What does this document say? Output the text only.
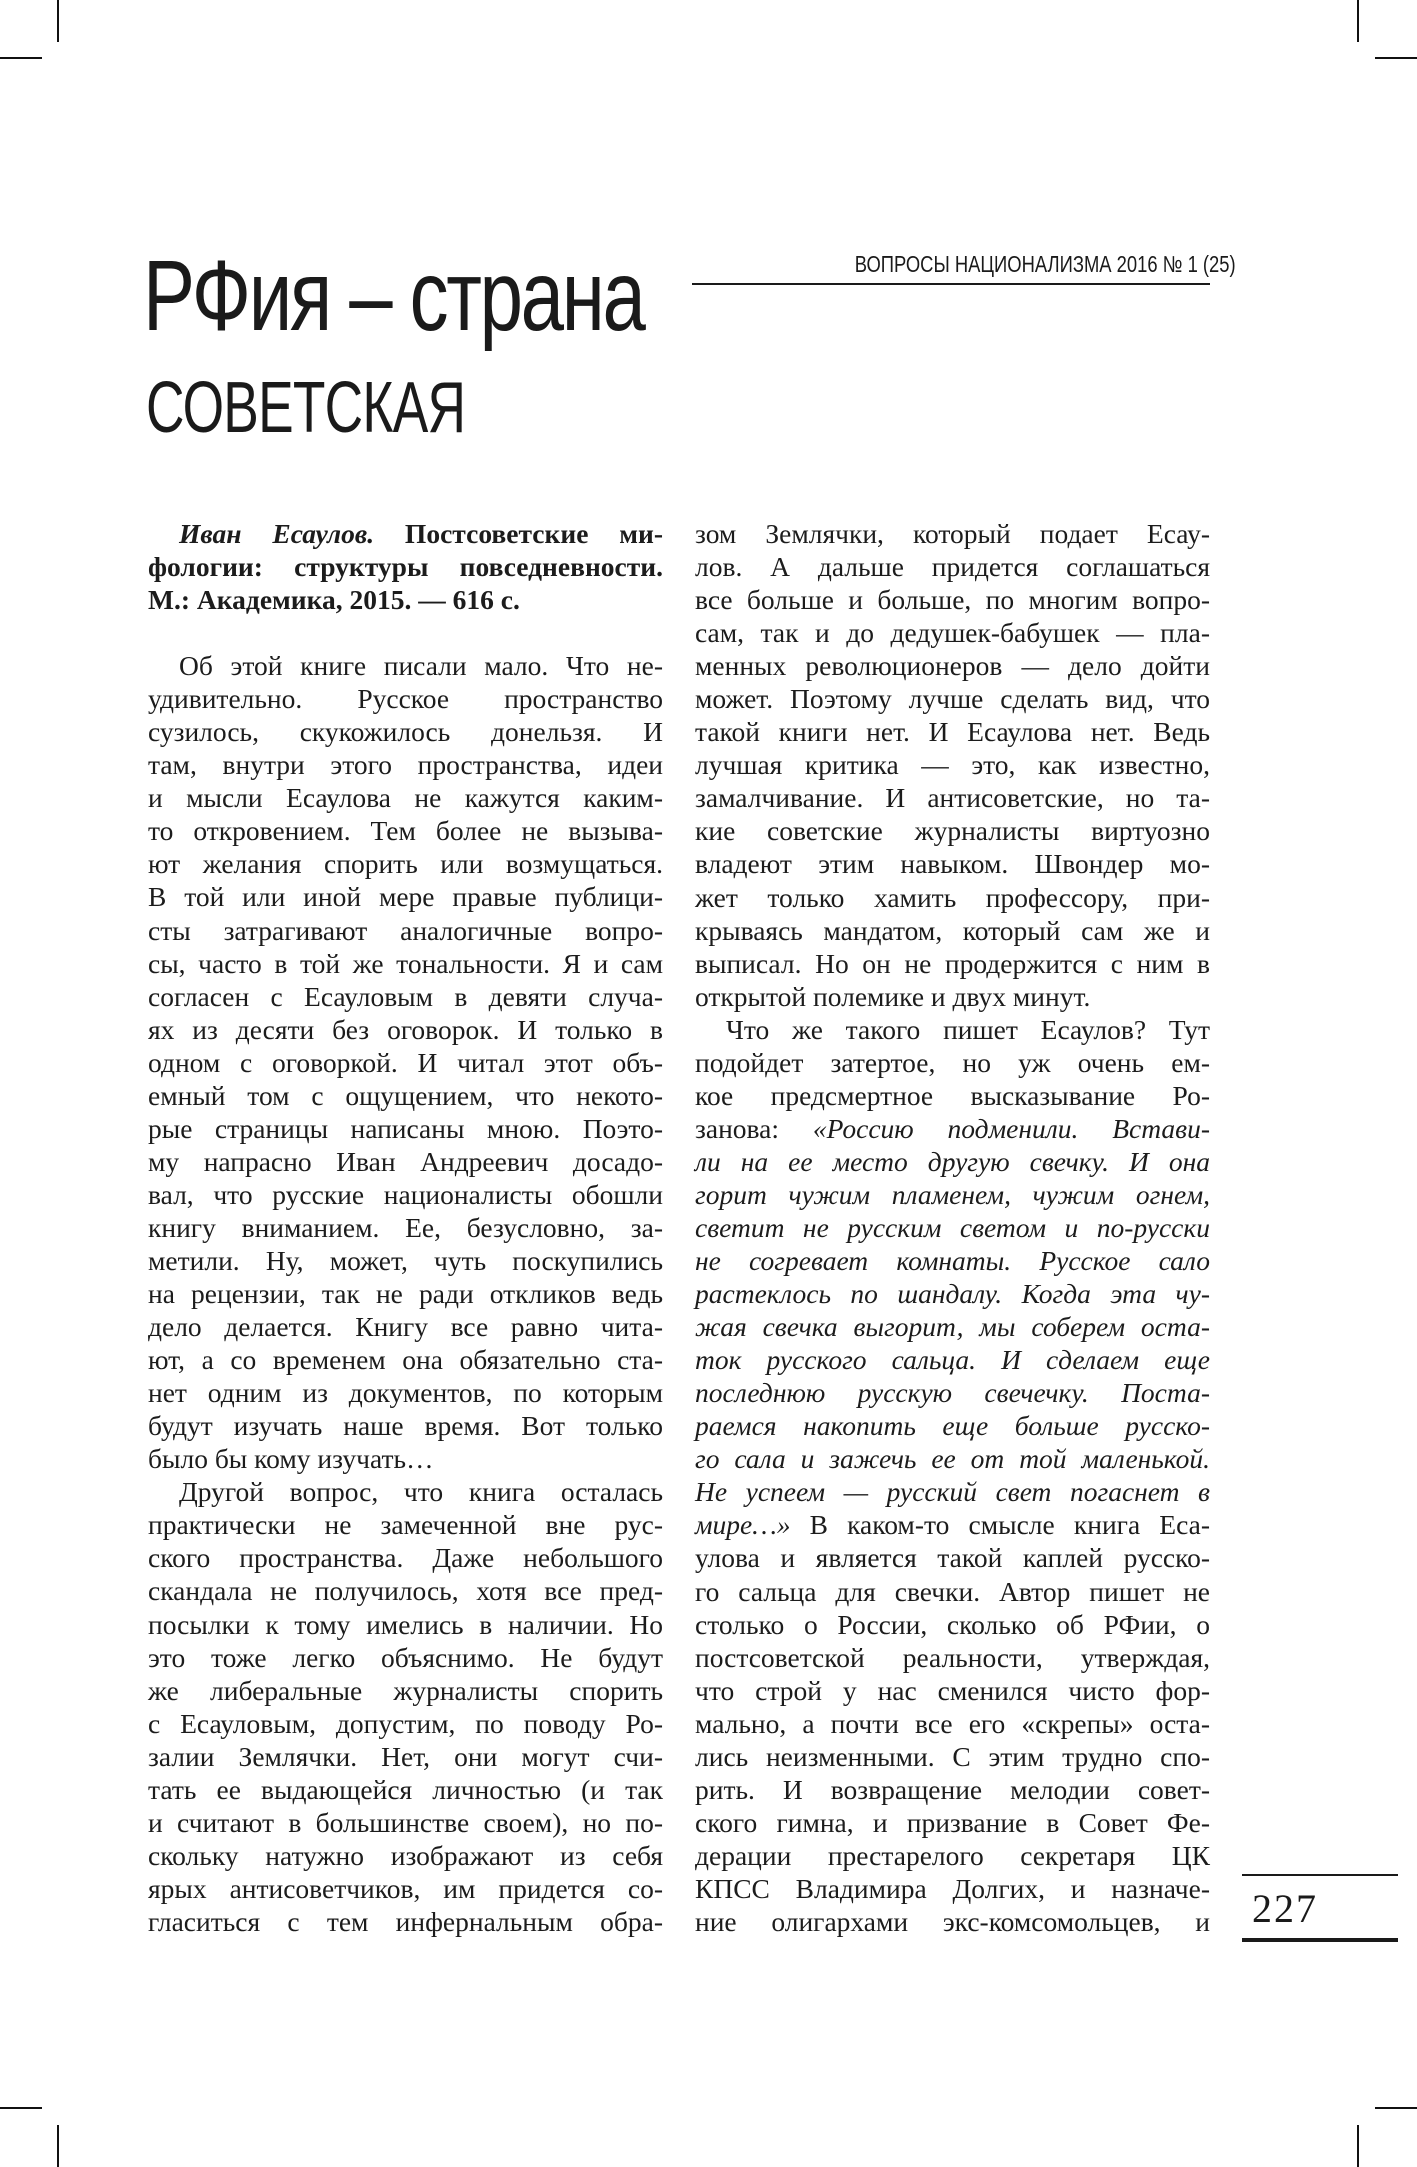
РФия – страна
СОВЕТСКАЯ
ВОПРОСЫ НАЦИОНАЛИЗМА 2016 № 1 (25)
Иван Есаулов. Постсоветские ми-
фологии: структуры повседневности.
М.: Академика, 2015. — 616 с.
Об этой книге писали мало. Что не-
удивительно. Русское пространство
сузилось, скукожилось донельзя. И
там, внутри этого пространства, идеи
и мысли Есаулова не кажутся каким-
то откровением. Тем более не вызыва-
ют желания спорить или возмущаться.
В той или иной мере правые публици-
сты затрагивают аналогичные вопро-
сы, часто в той же тональности. Я и сам
согласен с Есауловым в девяти случа-
ях из десяти без оговорок. И только в
одном с оговоркой. И читал этот объ-
емный том с ощущением, что некото-
рые страницы написаны мною. Поэто-
му напрасно Иван Андреевич досадо-
вал, что русские националисты обошли
книгу вниманием. Ее, безусловно, за-
метили. Ну, может, чуть поскупились
на рецензии, так не ради откликов ведь
дело делается. Книгу все равно чита-
ют, а со временем она обязательно ста-
нет одним из документов, по которым
будут изучать наше время. Вот только
было бы кому изучать…
Другой вопрос, что книга осталась
практически не замеченной вне рус-
ского пространства. Даже небольшого
скандала не получилось, хотя все пред-
посылки к тому имелись в наличии. Но
это тоже легко объяснимо. Не будут
же либеральные журналисты спорить
с Есауловым, допустим, по поводу Ро-
залии Землячки. Нет, они могут счи-
тать ее выдающейся личностью (и так
и считают в большинстве своем), но по-
скольку натужно изображают из себя
ярых антисоветчиков, им придется со-
гласиться с тем инфернальным обра-
зом Землячки, который подает Есау-
лов. А дальше придется соглашаться
все больше и больше, по многим вопро-
сам, так и до дедушек-бабушек — пла-
менных революционеров — дело дойти
может. Поэтому лучше сделать вид, что
такой книги нет. И Есаулова нет. Ведь
лучшая критика — это, как известно,
замалчивание. И антисоветские, но та-
кие советские журналисты виртуозно
владеют этим навыком. Швондер мо-
жет только хамить профессору, при-
крываясь мандатом, который сам же и
выписал. Но он не продержится с ним в
открытой полемике и двух минут.
Что же такого пишет Есаулов? Тут
подойдет затертое, но уж очень ем-
кое предсмертное высказывание Ро-
занова: «Россию подменили. Встави-
ли на ее место другую свечку. И она
горит чужим пламенем, чужим огнем,
светит не русским светом и по-русски
не согревает комнаты. Русское сало
растеклось по шандалу. Когда эта чу-
жая свечка выгорит, мы соберем оста-
ток русского сальца. И сделаем еще
последнюю русскую свечечку. Поста-
раемся накопить еще больше русско-
го сала и зажечь ее от той маленькой.
Не успеем — русский свет погаснет в
мире…» В каком-то смысле книга Еса-
улова и является такой каплей русско-
го сальца для свечки. Автор пишет не
столько о России, сколько об РФии, о
постсоветской реальности, утверждая,
что строй у нас сменился чисто фор-
мально, а почти все его «скрепы» оста-
лись неизменными. С этим трудно спо-
рить. И возвращение мелодии совет-
ского гимна, и призвание в Совет Фе-
дерации престарелого секретаря ЦК
КПСС Владимира Долгих, и назначе-
ние олигархами экс-комсомольцев, и 227
